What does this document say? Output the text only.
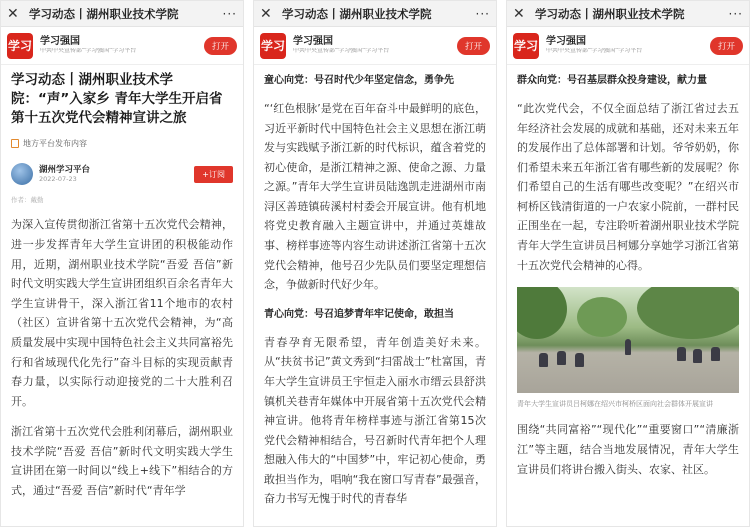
✕ 学习动态丨湖州职业技术学院	···
学习 学习强国
中共中央宣传部“学习强国”学习平台	打开
学习动态丨湖州职业技术学院：“声”入家乡 青年大学生开启省第十五次党代会精神宣讲之旅
地方平台发布内容
湖州学习平台
2022-07-23	+订阅
作者：戴勤
为深入宣传贯彻浙江省第十五次党代会精神，进一步发挥青年大学生宣讲团的积极能动作用，近期，湖州职业技术学院“吾爱 吾信”新时代文明实践大学生宣讲团组织百余名青年大学生宣讲骨干，深入浙江省11个地市的农村（社区）宣讲省第十五次党代会精神，为“高质量发展中实现中国特色社会主义共同富裕先行和省域现代化先行”奋斗目标的实现贡献青春力量，以实际行动迎接党的二十大胜利召开。
浙江省第十五次党代会胜利闭幕后，湖州职业技术学院“吾爱 吾信”新时代文明实践大学生宣讲团在第一时间以“线上+线下”相结合的方式，通过“吾爱 吾信”新时代“青年学
✕ 学习动态丨湖州职业技术学院	···
学习 学习强国
中共中央宣传部“学习强国”学习平台	打开
童心向党：号召时代少年坚定信念，勇争先
“‘红色根脉’是党在百年奋斗中最鲜明的底色，习近平新时代中国特色社会主义思想在浙江萌发与实践赋予浙江新的时代标识，蕴含着党的初心使命，是浙江精神之源、使命之源、力量之源。”青年大学生宣讲员陆逸凯走进湖州市南浔区善琏镇砖溪村村委会开展宣讲。他有机地将党史教育融入主题宣讲中，并通过英雄故事、榜样事迹等内容生动讲述浙江省第十五次党代会精神，他号召少先队员们要坚定理想信念，争做新时代好少年。
青心向党：号召追梦青年牢记使命，敢担当
青春孕育无限希望，青年创造美好未来。从“扶贫书记”黄文秀到“扫雷战士”杜富国，青年大学生宣讲员王宇恒走入丽水市缙云县舒洪镇机关巷青年媒体中开展省第十五次党代会精神宣讲。他将青年榜样事迹与浙江省第15次党代会精神相结合，号召新时代青年把个人理想融入伟大的“中国梦”中，牢记初心使命，勇敢担当作为，唱响“我在窗口写青春”最强音，奋力书写无愧于时代的青春华
✕ 学习动态丨湖州职业技术学院	···
学习 学习强国
中共中央宣传部“学习强国”学习平台	打开
群众向党：号召基层群众投身建设，献力量
“此次党代会，不仅全面总结了浙江省过去五年经济社会发展的成就和基础，还对未来五年的发展作出了总体部署和计划。爷爷奶奶，你们希望未来五年浙江省有哪些新的发展呢？你们希望自己的生活有哪些改变呢？”在绍兴市柯桥区钱清街道的一户农家小院前，一群村民正围坐在一起，专注聆听着湖州职业技术学院青年大学生宣讲员吕柯娜分享她学习浙江省第十五次党代会精神的心得。
青年大学生宣讲员吕柯娜在绍兴市柯桥区面向社会群体开展宣讲
围绕“共同富裕”“现代化”“重要窗口”“清廉浙江”等主题，结合当地发展情况，青年大学生宣讲员们将讲台搬入街头、农家、社区。
